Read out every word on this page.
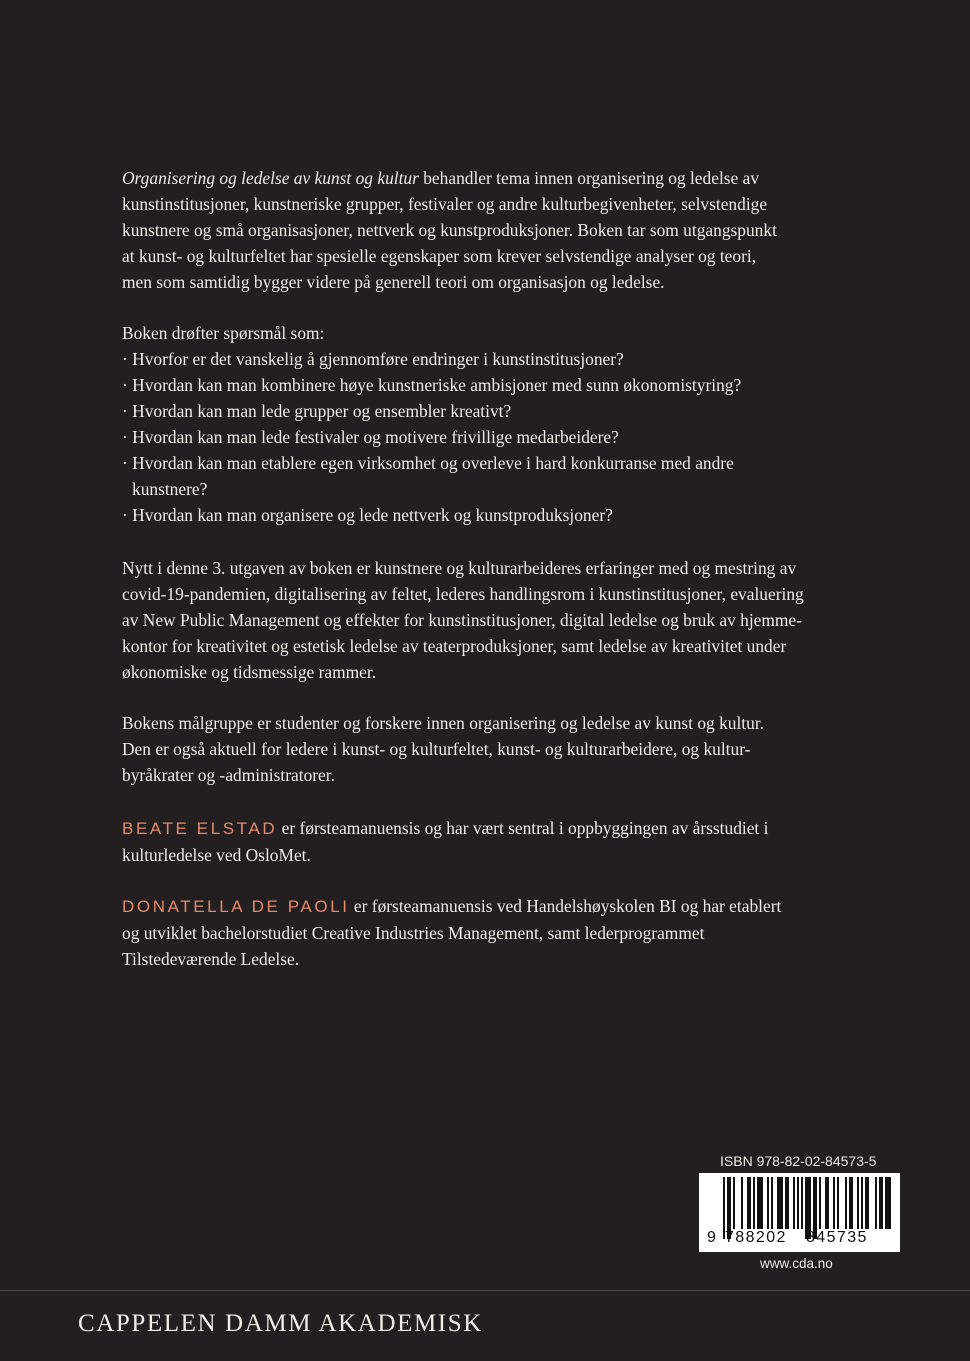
Organisering og ledelse av kunst og kultur behandler tema innen organisering og ledelse av
kunstinstitusjoner, kunstneriske grupper, festivaler og andre kulturbegivenheter, selvstendige
kunstnere og små organisasjoner, nettverk og kunstproduksjoner. Boken tar som utgangspunkt
at kunst- og kulturfeltet har spesielle egenskaper som krever selvstendige analyser og teori,
men som samtidig bygger videre på generell teori om organisasjon og ledelse.

Boken drøfter spørsmål som:

· Hvorfor er det vanskelig å gjennomføre endringer i kunstinstitusjoner?

· Hvordan kan man kombinere høye kunstneriske ambisjoner med sunn økonomistyring?

· Hvordan kan man lede grupper og ensembler kreativt?

· Hvordan kan man lede festivaler og motivere frivillige medarbeidere?

· Hvordan kan man etablere egen virksomhet og overleve i hard konkurranse med andre
kunstnere?

· Hvordan kan man organisere og lede nettverk og kunstproduksjoner?

Nytt i denne 3. utgaven av boken er kunstnere og kulturarbeideres erfaringer med og mestring av
covid-19-pandemien, digitalisering av feltet, lederes handlingsrom i kunstinstitusjoner, evaluering
av New Public Management og effekter for kunstinstitusjoner, digital ledelse og bruk av hjemme-
kontor for kreativitet og estetisk ledelse av teaterproduksjoner, samt ledelse av kreativitet under
økonomiske og tidsmessige rammer.

Bokens målgruppe er studenter og forskere innen organisering og ledelse av kunst og kultur.
Den er også aktuell for ledere i kunst- og kulturfeltet, kunst- og kulturarbeidere, og kultur-
byråkrater og -administratorer.

BEATE ELSTAD er førsteamanuensis og har vært sentral i oppbyggingen av årsstudiet i
kulturledelse ved OsloMet.

DONATELLA DE PAOLI er førsteamanuensis ved Handelshøyskolen BI og har etablert
og utviklet bachelorstudiet Creative Industries Management, samt lederprogrammet
Tilstedeværende Ledelse.

ISBN 978-82-02-84573-5
9 788202 845735
www.cda.no
CAPPELEN DAMM AKADEMISK
